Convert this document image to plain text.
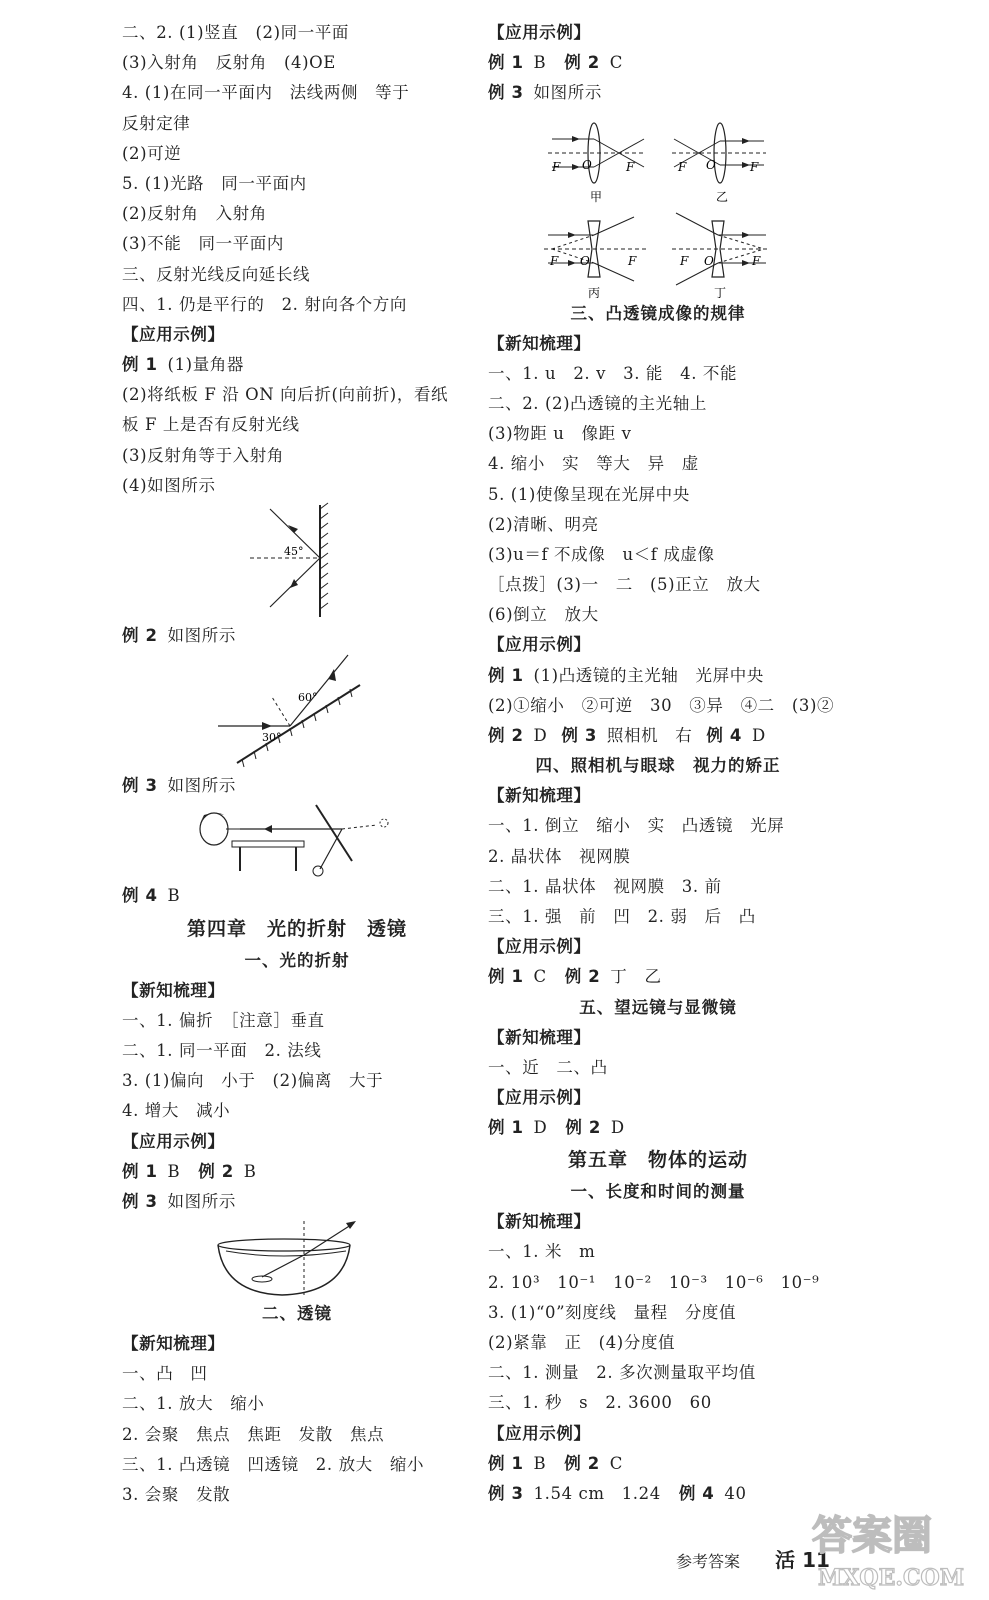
二、2. (1)竖直　(2)同一平面
(3)入射角　反射角　(4)OE
4. (1)在同一平面内　法线两侧　等于
反射定律
(2)可逆
5. (1)光路　同一平面内
(2)反射角　入射角
(3)不能　同一平面内
三、反射光线反向延长线
四、1. 仍是平行的　2. 射向各个方向
【应用示例】
例 1 (1)量角器
(2)将纸板 F 沿 ON 向后折(向前折)，看纸
板 F 上是否有反射光线
(3)反射角等于入射角
(4)如图所示
45°
例 2 如图所示
60°
30°
例 3 如图所示
例 4 B
第四章　光的折射　透镜
一、光的折射
【新知梳理】
一、1. 偏折　［注意］垂直
二、1. 同一平面　2. 法线
3. (1)偏向　小于　(2)偏离　大于
4. 增大　减小
【应用示例】
例 1 B 例 2 B
例 3 如图所示
二、透镜
【新知梳理】
一、凸　凹
二、1. 放大　缩小
2. 会聚　焦点　焦距　发散　焦点
三、1. 凸透镜　凹透镜　2. 放大　缩小
3. 会聚　发散
【应用示例】
例 1 B 例 2 C
例 3 如图所示
F O	F
甲
F O	F
乙
F O	F
丙
F O	F
丁
三、凸透镜成像的规律
【新知梳理】
一、1. u　2. v　3. 能　4. 不能
二、2. (2)凸透镜的主光轴上
(3)物距 u　像距 v
4. 缩小　实　等大　异　虚
5. (1)使像呈现在光屏中央
(2)清晰、明亮
(3)u＝f 不成像　u＜f 成虚像
［点拨］(3)一　二　(5)正立　放大
(6)倒立　放大
【应用示例】
例 1 (1)凸透镜的主光轴　光屏中央
(2)①缩小　②可逆　30　③异　④二　(3)②
例 2 D 例 3 照相机　右 例 4 D
四、照相机与眼球　视力的矫正
【新知梳理】
一、1. 倒立　缩小　实　凸透镜　光屏
2. 晶状体　视网膜
二、1. 晶状体　视网膜　3. 前
三、1. 强　前　凹　2. 弱　后　凸
【应用示例】
例 1 C 例 2 丁　乙
五、望远镜与显微镜
【新知梳理】
一、近　二、凸
【应用示例】
例 1 D 例 2 D
第五章　物体的运动
一、长度和时间的测量
【新知梳理】
一、1. 米　m
2. 10³　10⁻¹　10⁻²　10⁻³　10⁻⁶　10⁻⁹
3. (1)“0”刻度线　量程　分度值
(2)紧靠　正　(4)分度值
二、1. 测量　2. 多次测量取平均值
三、1. 秒　s　2. 3600　60
【应用示例】
例 1 B 例 2 C
例 3 1.54 cm　1.24 例 4 40
参考答案 活 11
答案圈
MXQE.COM
